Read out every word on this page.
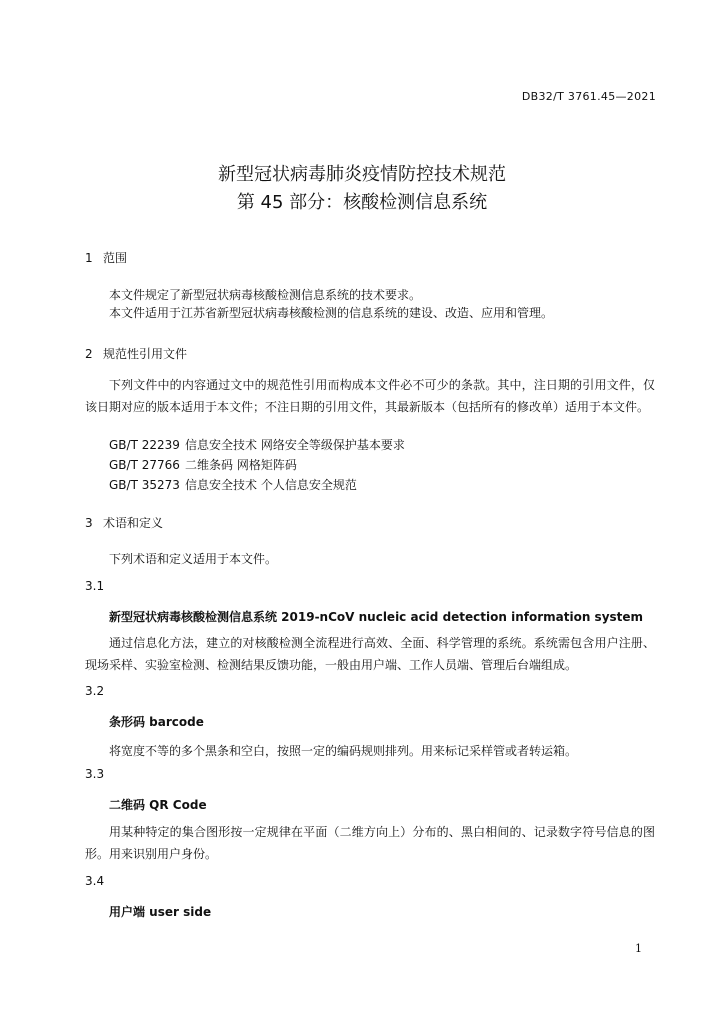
DB32/T 3761.45—2021
新型冠状病毒肺炎疫情防控技术规范
第 45 部分：核酸检测信息系统
1 范围
本文件规定了新型冠状病毒核酸检测信息系统的技术要求。
本文件适用于江苏省新型冠状病毒核酸检测的信息系统的建设、改造、应用和管理。
2 规范性引用文件
下列文件中的内容通过文中的规范性引用而构成本文件必不可少的条款。其中，注日期的引用文件，仅该日期对应的版本适用于本文件；不注日期的引用文件，其最新版本（包括所有的修改单）适用于本文件。
GB/T 22239 信息安全技术 网络安全等级保护基本要求
GB/T 27766 二维条码 网格矩阵码
GB/T 35273 信息安全技术 个人信息安全规范
3 术语和定义
下列术语和定义适用于本文件。
3.1
新型冠状病毒核酸检测信息系统 2019-nCoV nucleic acid detection information system
通过信息化方法，建立的对核酸检测全流程进行高效、全面、科学管理的系统。系统需包含用户注册、现场采样、实验室检测、检测结果反馈功能，一般由用户端、工作人员端、管理后台端组成。
3.2
条形码 barcode
将宽度不等的多个黑条和空白，按照一定的编码规则排列。用来标记采样管或者转运箱。
3.3
二维码 QR Code
用某种特定的集合图形按一定规律在平面（二维方向上）分布的、黑白相间的、记录数字符号信息的图形。用来识别用户身份。
3.4
用户端 user side
1
